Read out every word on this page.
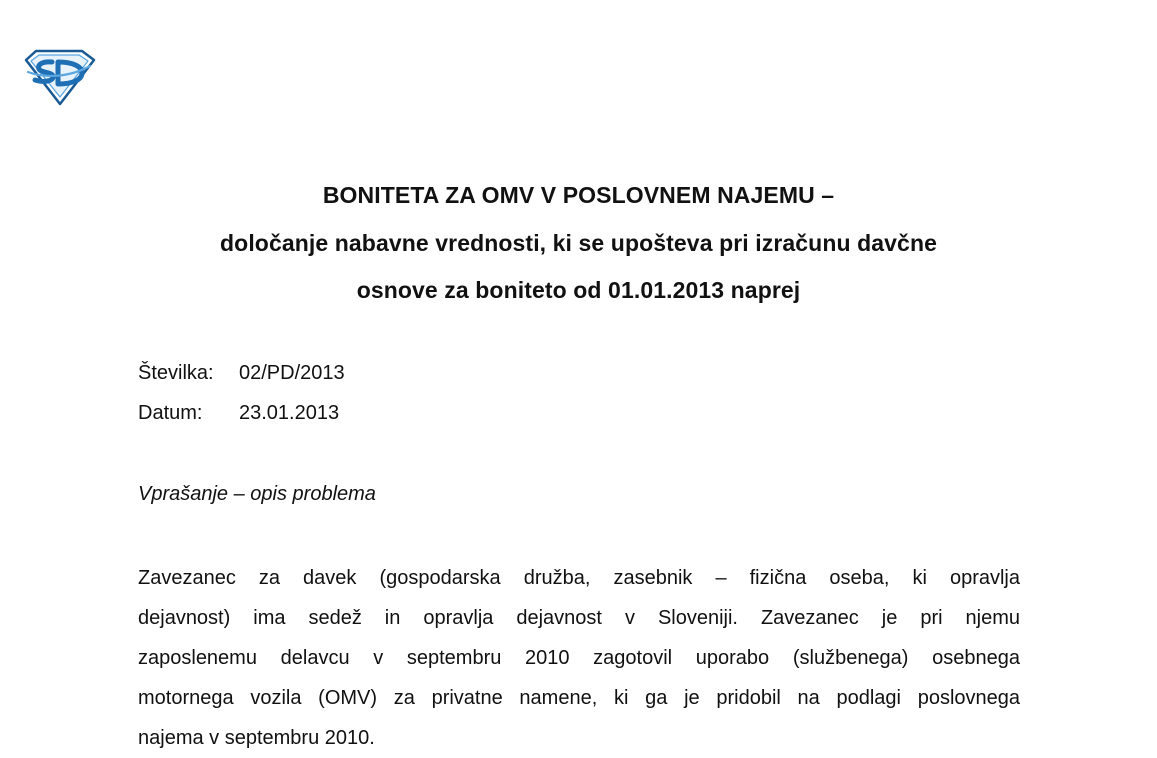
BONITETA ZA OMV V POSLOVNEM NAJEMU –
določanje nabavne vrednosti, ki se upošteva pri izračunu davčne
osnove za boniteto od 01.01.2013 naprej
Številka: 02/PD/2013
Datum: 23.01.2013
Vprašanje – opis problema
Zavezanec za davek (gospodarska družba, zasebnik – fizična oseba, ki opravlja
dejavnost) ima sedež in opravlja dejavnost v Sloveniji. Zavezanec je pri njemu
zaposlenemu delavcu v septembru 2010 zagotovil uporabo (službenega) osebnega
motornega vozila (OMV) za privatne namene, ki ga je pridobil na podlagi poslovnega
najema v septembru 2010.
